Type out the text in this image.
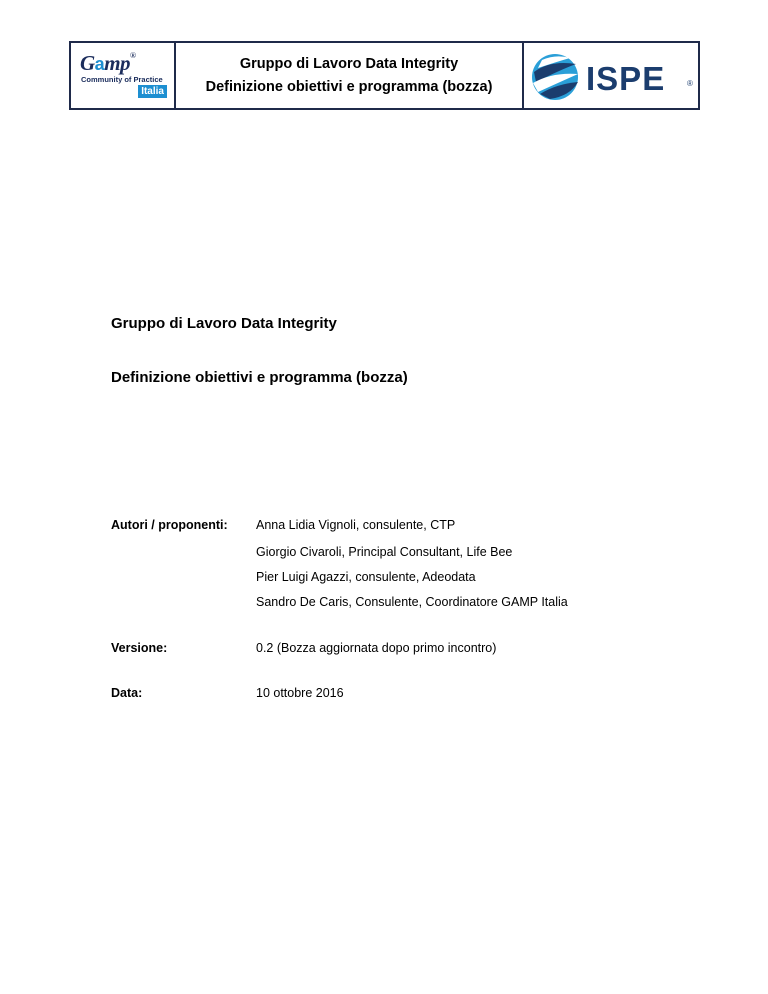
Gamp®
Community of Practice
Italia
Gruppo di Lavoro Data Integrity
Definizione obiettivi e programma (bozza)	ISPE	®
Gruppo di Lavoro Data Integrity
Definizione obiettivi e programma (bozza)
Autori / proponenti: Anna Lidia Vignoli, consulente, CTP
Giorgio Civaroli, Principal Consultant, Life Bee
Pier Luigi Agazzi, consulente, Adeodata
Sandro De Caris, Consulente, Coordinatore GAMP Italia
Versione:	0.2 (Bozza aggiornata dopo primo incontro)
Data:	10 ottobre 2016
